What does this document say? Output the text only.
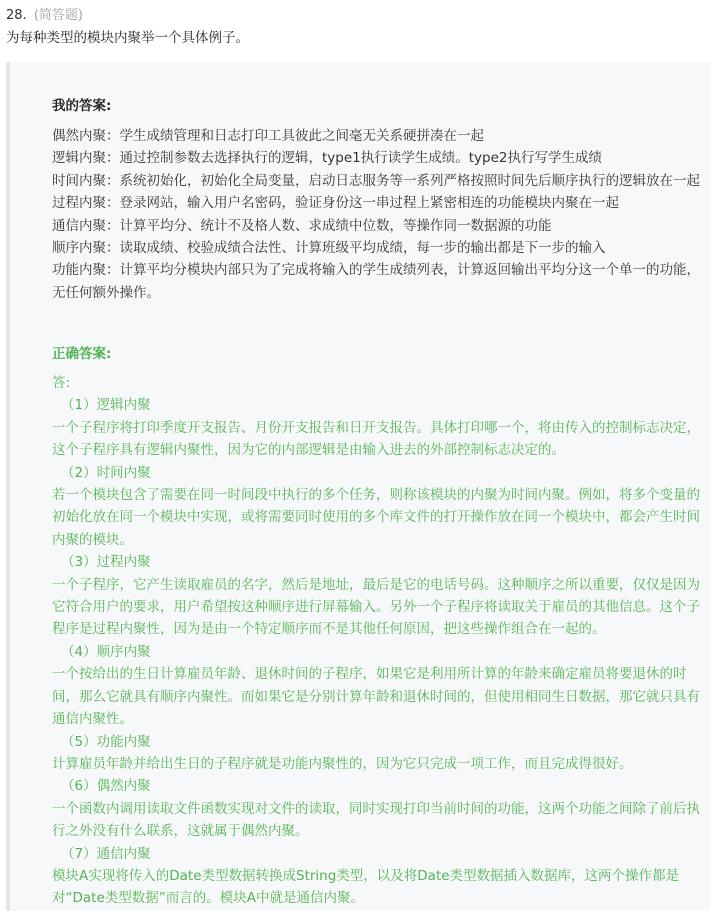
28. (简答题)
为每种类型的模块内聚举一个具体例子。
我的答案:

偶然内聚：学生成绩管理和日志打印工具彼此之间毫无关系硬拼凑在一起

逻辑内聚：通过控制参数去选择执行的逻辑，type1执行读学生成绩。type2执行写学生成绩

时间内聚：系统初始化，初始化全局变量，启动日志服务等一系列严格按照时间先后顺序执行的逻辑放在一起

过程内聚：登录网站，输入用户名密码，验证身份这一串过程上紧密相连的功能模块内聚在一起

通信内聚：计算平均分、统计不及格人数、求成绩中位数，等操作同一数据源的功能

顺序内聚：读取成绩、校验成绩合法性、计算班级平均成绩，每一步的输出都是下一步的输入

功能内聚：计算平均分模块内部只为了完成将输入的学生成绩列表，计算返回输出平均分这一个单一的功能，无任何额外操作。

正确答案:

答:

（1）逻辑内聚

一个子程序将打印季度开支报告、月份开支报告和日开支报告。具体打印哪一个，将由传入的控制标志决定，这个子程序具有逻辑内聚性，因为它的内部逻辑是由输入进去的外部控制标志决定的。

（2）时间内聚

若一个模块包含了需要在同一时间段中执行的多个任务，则称该模块的内聚为时间内聚。例如，将多个变量的初始化放在同一个模块中实现，或将需要同时使用的多个库文件的打开操作放在同一个模块中，都会产生时间内聚的模块。

（3）过程内聚

一个子程序，它产生读取雇员的名字，然后是地址，最后是它的电话号码。这种顺序之所以重要，仅仅是因为它符合用户的要求，用户希望按这种顺序进行屏幕输入。另外一个子程序将读取关于雇员的其他信息。这个子程序是过程内聚性，因为是由一个特定顺序而不是其他任何原因，把这些操作组合在一起的。

（4）顺序内聚

一个按给出的生日计算雇员年龄、退休时间的子程序，如果它是利用所计算的年龄来确定雇员将要退休的时间，那么它就具有顺序内聚性。而如果它是分别计算年龄和退休时间的，但使用相同生日数据，那它就只具有通信内聚性。

（5）功能内聚

计算雇员年龄并给出生日的子程序就是功能内聚性的，因为它只完成一项工作，而且完成得很好。

（6）偶然内聚

一个函数内调用读取文件函数实现对文件的读取，同时实现打印当前时间的功能，这两个功能之间除了前后执行之外没有什么联系，这就属于偶然内聚。

（7）通信内聚

模块A实现将传入的Date类型数据转换成String类型，以及将Date类型数据插入数据库，这两个操作都是对“Date类型数据”而言的。模块A中就是通信内聚。
